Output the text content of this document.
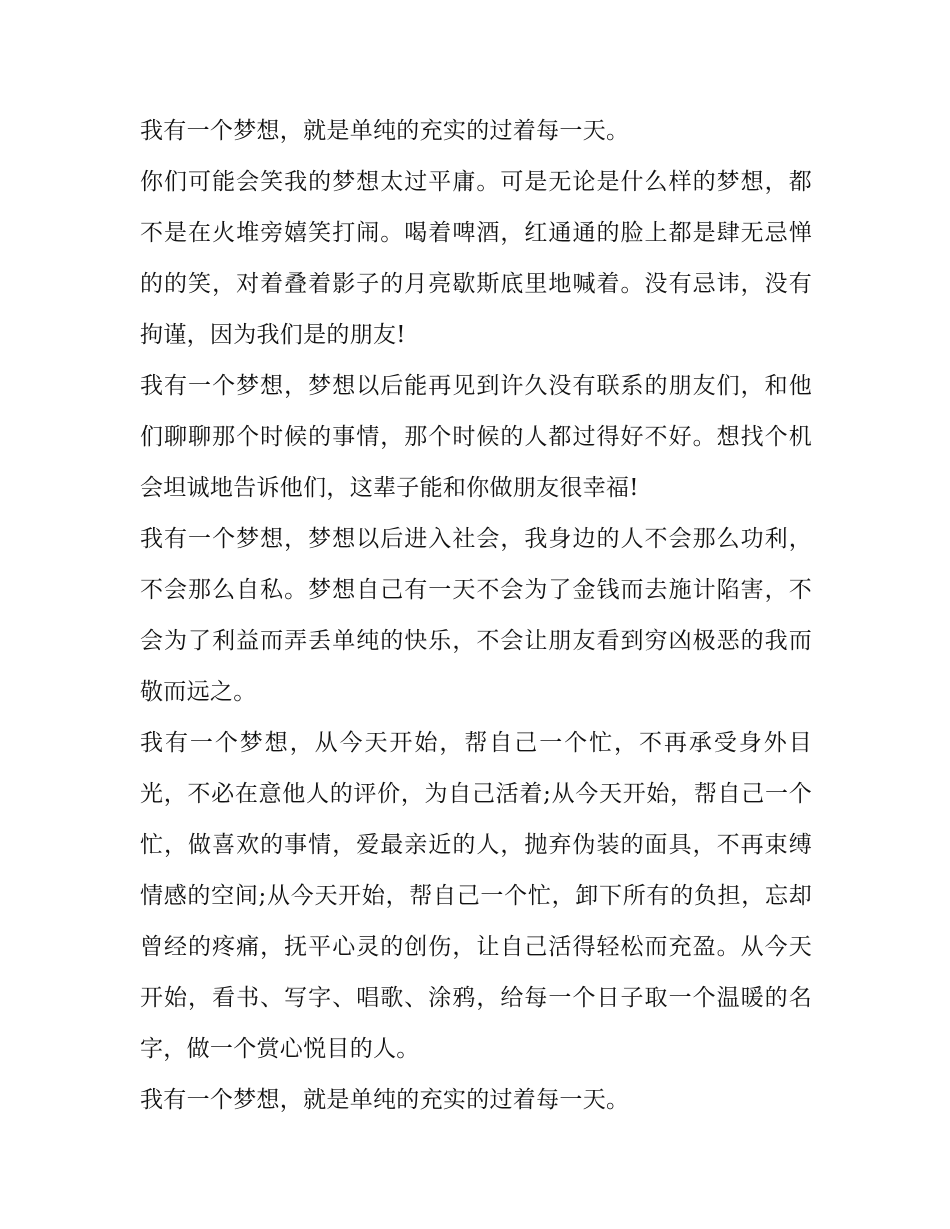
我有一个梦想，就是单纯的充实的过着每一天。

你们可能会笑我的梦想太过平庸。可是无论是什么样的梦想，都不是在火堆旁嬉笑打闹。喝着啤酒，红通通的脸上都是肆无忌惮的的笑，对着叠着影子的月亮歇斯底里地喊着。没有忌讳，没有拘谨，因为我们是的朋友!

我有一个梦想，梦想以后能再见到许久没有联系的朋友们，和他们聊聊那个时候的事情，那个时候的人都过得好不好。想找个机会坦诚地告诉他们，这辈子能和你做朋友很幸福!

我有一个梦想，梦想以后进入社会，我身边的人不会那么功利，不会那么自私。梦想自己有一天不会为了金钱而去施计陷害，不会为了利益而弄丢单纯的快乐，不会让朋友看到穷凶极恶的我而敬而远之。

我有一个梦想，从今天开始，帮自己一个忙，不再承受身外目光，不必在意他人的评价，为自己活着;从今天开始，帮自己一个忙，做喜欢的事情，爱最亲近的人，抛弃伪装的面具，不再束缚情感的空间;从今天开始，帮自己一个忙，卸下所有的负担，忘却曾经的疼痛，抚平心灵的创伤，让自己活得轻松而充盈。从今天开始，看书、写字、唱歌、涂鸦，给每一个日子取一个温暖的名字，做一个赏心悦目的人。

我有一个梦想，就是单纯的充实的过着每一天。
